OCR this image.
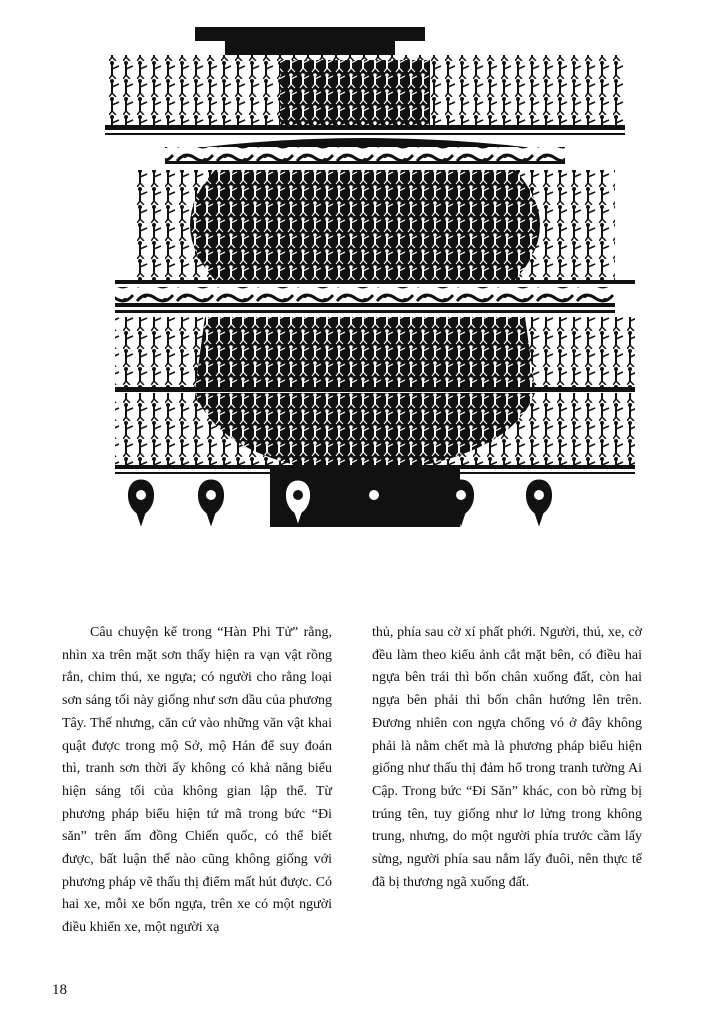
Câu chuyện kể trong “Hàn Phi Tử” rằng, nhìn xa trên mặt sơn thấy hiện ra vạn vật rồng rắn, chim thú, xe ngựa; có người cho rằng loại sơn sáng tối này giống như sơn dầu của phương Tây. Thế nhưng, căn cứ vào những văn vật khai quật được trong mộ Sở, mộ Hán để suy đoán thì, tranh sơn thời ấy không có khả năng biểu hiện sáng tối của không gian lập thể. Từ phương pháp biểu hiện tứ mã trong bức “Đi săn” trên ấm đồng Chiến quốc, có thể biết được, bất luận thế nào cũng không giống với phương pháp vẽ thấu thị điểm mất hút được. Có hai xe, mỗi xe bốn ngựa, trên xe có một người điều khiển xe, một người xạ

thủ, phía sau cờ xí phất phới. Người, thú, xe, cờ đều làm theo kiểu ảnh cắt mặt bên, có điều hai ngựa bên trái thì bốn chân xuống đất, còn hai ngựa bên phải thì bốn chân hướng lên trên. Đương nhiên con ngựa chổng vó ở đây không phải là nằm chết mà là phương pháp biểu hiện giống như thấu thị đảm hổ trong tranh tường Ai Cập. Trong bức “Đi Săn” khác, con bò rừng bị trúng tên, tuy giống như lơ lửng trong không trung, nhưng, do một người phía trước cầm lấy sừng, người phía sau nắm lấy đuôi, nên thực tế đã bị thương ngã xuống đất.

18
